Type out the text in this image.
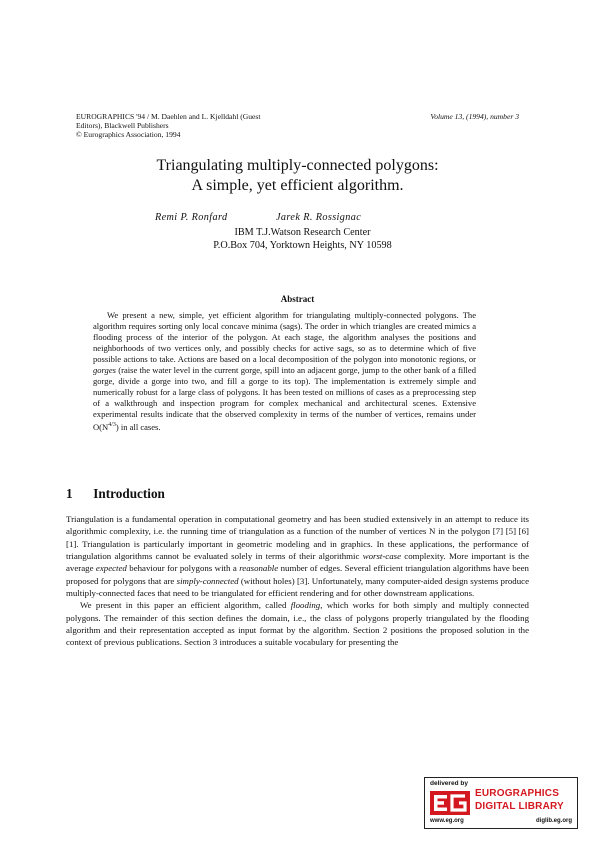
EUROGRAPHICS '94 / M. Daehlen and L. Kjelldahl (Guest
Editors), Blackwell Publishers
© Eurographics Association, 1994
Volume 13, (1994), number 3
Triangulating multiply-connected polygons:
A simple, yet efficient algorithm.
Remi P. Ronfard	Jarek R. Rossignac
IBM T.J.Watson Research Center
P.O.Box 704, Yorktown Heights, NY 10598
Abstract

We present a new, simple, yet efficient algorithm for triangulating multiply-connected polygons. The algorithm requires sorting only local concave minima (sags). The order in which triangles are created mimics a flooding process of the interior of the polygon. At each stage, the algorithm analyses the positions and neighborhoods of two vertices only, and possibly checks for active sags, so as to determine which of five possible actions to take. Actions are based on a local decomposition of the polygon into monotonic regions, or gorges (raise the water level in the current gorge, spill into an adjacent gorge, jump to the other bank of a filled gorge, divide a gorge into two, and fill a gorge to its top). The implementation is extremely simple and numerically robust for a large class of polygons. It has been tested on millions of cases as a preprocessing step of a walkthrough and inspection program for complex mechanical and architectural scenes. Extensive experimental results indicate that the observed complexity in terms of the number of vertices, remains under $O(N^{4/3})$ in all cases.

1 Introduction

Triangulation is a fundamental operation in computational geometry and has been studied extensively in an attempt to reduce its algorithmic complexity, i.e. the running time of triangulation as a function of the number of vertices N in the polygon [7] [5] [6] [1]. Triangulation is particularly important in geometric modeling and in graphics. In these applications, the performance of triangulation algorithms cannot be evaluated solely in terms of their algorithmic worst-case complexity. More important is the average expected behaviour for polygons with a reasonable number of edges. Several efficient triangulation algorithms have been proposed for polygons that are simply-connected (without holes) [3]. Unfortunately, many computer-aided design systems produce multiply-connected faces that need to be triangulated for efficient rendering and for other downstream applications.

We present in this paper an efficient algorithm, called flooding, which works for both simply and multiply connected polygons. The remainder of this section defines the domain, i.e., the class of polygons properly triangulated by the flooding algorithm and their representation accepted as input format by the algorithm. Section 2 positions the proposed solution in the context of previous publications. Section 3 introduces a suitable vocabulary for presenting the

delivered by
EUROGRAPHICS
DIGITAL LIBRARY
www.eg.org	diglib.eg.org
